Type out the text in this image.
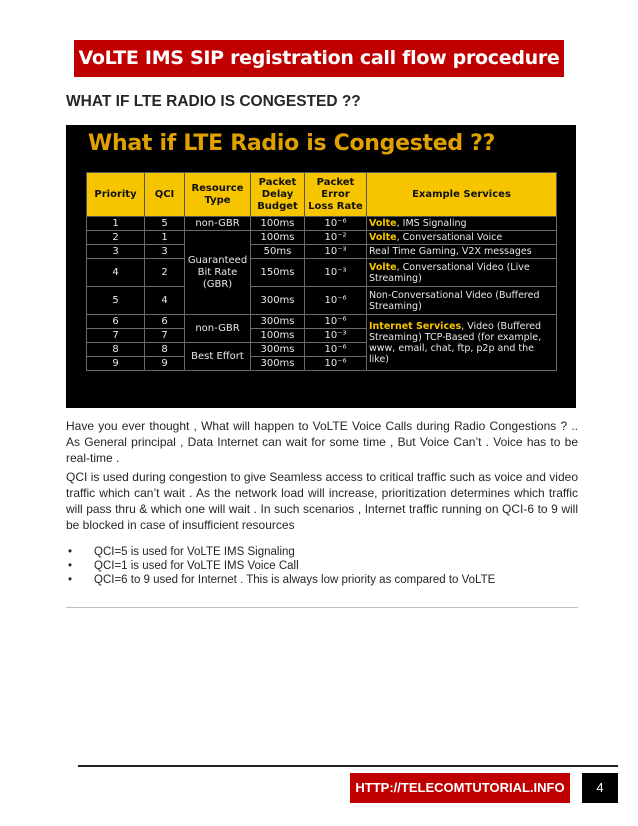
VoLTE IMS SIP registration call flow procedure
WHAT IF LTE RADIO IS CONGESTED ??
What if LTE Radio is Congested ??
Priority	QCI	Resource Type	Packet Delay Budget	Packet Error Loss Rate	Example Services
1	5	non-GBR	100ms	10⁻⁶	Volte, IMS Signaling
2	1	Guaranteed Bit Rate (GBR)	100ms	10⁻²	Volte, Conversational Voice
3	3		50ms	10⁻³	Real Time Gaming, V2X messages
4	2		150ms	10⁻³	Volte, Conversational Video (Live Streaming)
5	4		300ms	10⁻⁶	Non-Conversational Video (Buffered Streaming)
6	6	non-GBR	300ms	10⁻⁶	Internet Services, Video (Buffered Streaming) TCP-Based (for example, www, email, chat, ftp, p2p and the like)
7	7		100ms	10⁻³	
8	8	Best Effort	300ms	10⁻⁶	
9	9		300ms	10⁻⁶	

Have you ever thought , What will happen to VoLTE Voice Calls during Radio Congestions ? .. As General principal , Data Internet can wait for some time , But Voice Can’t . Voice has to be real-time .

QCI is used during congestion to give Seamless access to critical traffic such as voice and video traffic which can’t wait . As the network load will increase, prioritization determines which traffic will pass thru & which one will wait . In such scenarios , Internet traffic running on QCI-6 to 9 will be blocked in case of insufficient resources

• QCI=5 is used for VoLTE IMS Signaling
• QCI=1 is used for VoLTE IMS Voice Call
• QCI=6 to 9 used for Internet . This is always low priority as compared to VoLTE
HTTP://TELECOMTUTORIAL.INFO	4
